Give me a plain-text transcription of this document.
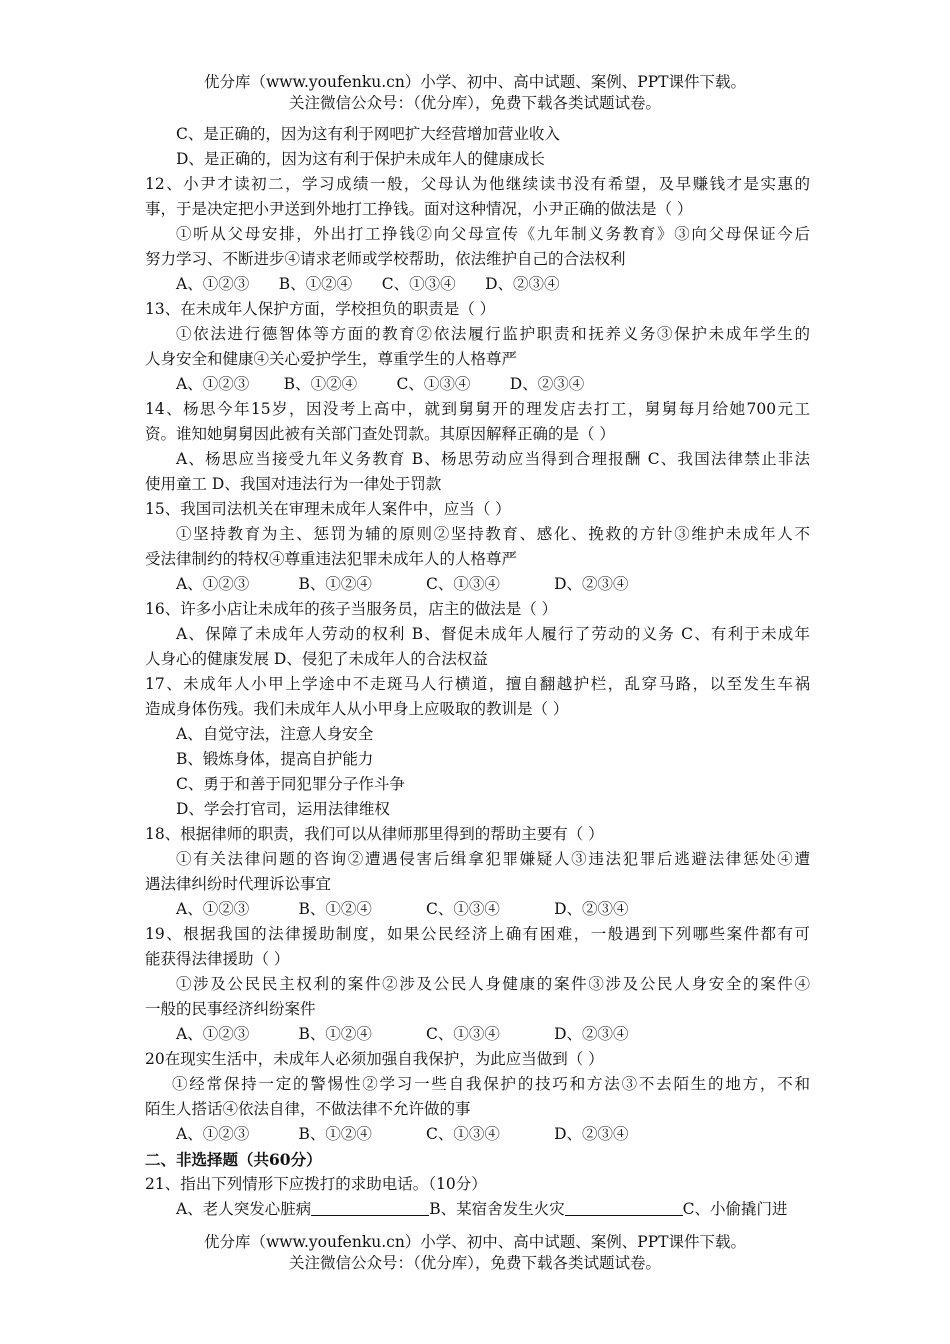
优分库（www.youfenku.cn）小学、初中、高中试题、案例、PPT课件下载。
关注微信公众号：（优分库），免费下载各类试题试卷。
C、是正确的，因为这有利于网吧扩大经营增加营业收入
D、是正确的，因为这有利于保护未成年人的健康成长
12、小尹才读初二，学习成绩一般，父母认为他继续读书没有希望，及早赚钱才是实惠的
事，于是决定把小尹送到外地打工挣钱。面对这种情况，小尹正确的做法是（ ）
①听从父母安排，外出打工挣钱②向父母宣传《九年制义务教育》③向父母保证今后
努力学习、不断进步④请求老师或学校帮助，依法维护自己的合法权利
A、①②③      B、①②④      C、①③④      D、②③④
13、在未成年人保护方面，学校担负的职责是（ ）
①依法进行德智体等方面的教育②依法履行监护职责和抚养义务③保护未成年学生的
人身安全和健康④关心爱护学生，尊重学生的人格尊严
A、①②③       B、①②④        C、①③④        D、②③④
14、杨思今年15岁，因没考上高中，就到舅舅开的理发店去打工，舅舅每月给她700元工
资。谁知她舅舅因此被有关部门查处罚款。其原因解释正确的是（ ）
A、杨思应当接受九年义务教育 B、杨思劳动应当得到合理报酬 C、我国法律禁止非法
使用童工 D、我国对违法行为一律处于罚款
15、我国司法机关在审理未成年人案件中，应当（ ）
①坚持教育为主、惩罚为辅的原则②坚持教育、感化、挽救的方针③维护未成年人不
受法律制约的特权④尊重违法犯罪未成年人的人格尊严
A、①②③          B、①②④           C、①③④           D、②③④
16、许多小店让未成年的孩子当服务员，店主的做法是（ ）
A、保障了未成年人劳动的权利 B、督促未成年人履行了劳动的义务 C、有利于未成年
人身心的健康发展 D、侵犯了未成年人的合法权益
17、未成年人小甲上学途中不走斑马人行横道，擅自翻越护栏，乱穿马路，以至发生车祸
造成身体伤残。我们未成年人从小甲身上应吸取的教训是（ ）
A、自觉守法，注意人身安全
B、锻炼身体，提高自护能力
C、勇于和善于同犯罪分子作斗争
D、学会打官司，运用法律维权
18、根据律师的职责，我们可以从律师那里得到的帮助主要有（ ）
①有关法律问题的咨询②遭遇侵害后缉拿犯罪嫌疑人③违法犯罪后逃避法律惩处④遭
遇法律纠纷时代理诉讼事宜
A、①②③          B、①②④           C、①③④           D、②③④
19、根据我国的法律援助制度，如果公民经济上确有困难，一般遇到下列哪些案件都有可
能获得法律援助（ ）
①涉及公民民主权利的案件②涉及公民人身健康的案件③涉及公民人身安全的案件④
一般的民事经济纠纷案件
A、①②③          B、①②④           C、①③④           D、②③④
20在现实生活中，未成年人必须加强自我保护，为此应当做到（ ）
①经常保持一定的警惕性②学习一些自我保护的技巧和方法③不去陌生的地方，不和
陌生人搭话④依法自律，不做法律不允许做的事
A、①②③          B、①②④           C、①③④           D、②③④
二、非选择题（共60分）
21、指出下列情形下应拨打的求助电话。（10分）
A、老人突发心脏病	B、某宿舍发生火灾	C、小偷撬门进
优分库（www.youfenku.cn）小学、初中、高中试题、案例、PPT课件下载。
关注微信公众号：（优分库），免费下载各类试题试卷。
